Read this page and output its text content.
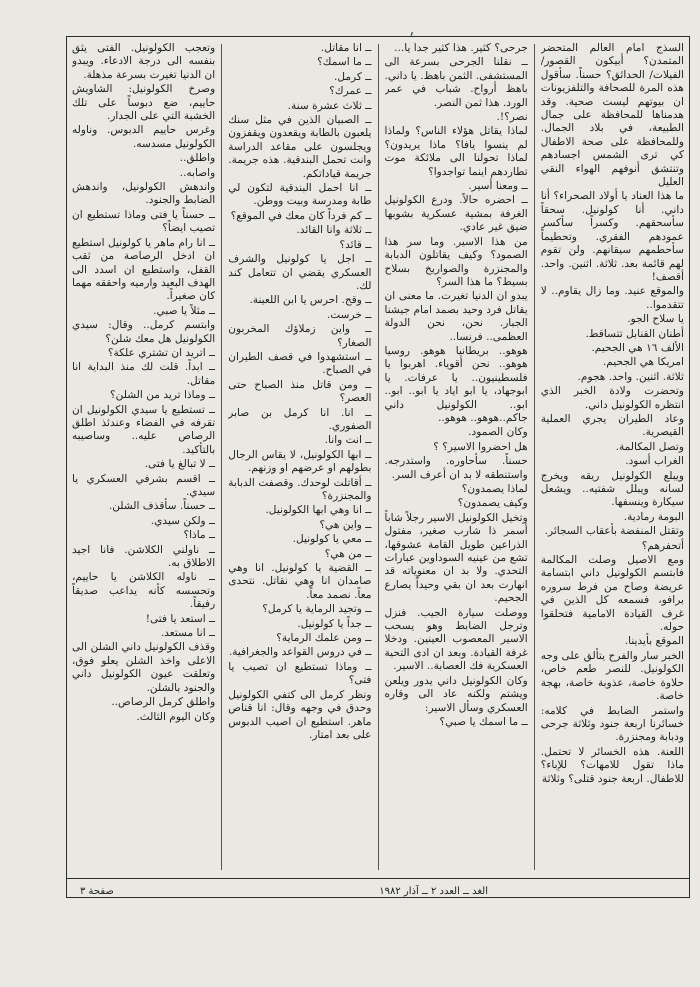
٤

السذج امام العالم المتحضر المتمدن؟ أبيكون القصور/ الفيلات/ الحدائق؟ حسناً. سأقول هذه المرة للصحافة والتلفزيونات ان بيوتهم ليست صحية. وقد هدمناها للمحافظة على جمال الطبيعة، في بلاد الجمال. وللمحافظة على صحة الاطفال كي ترى الشمس اجسادهم وتنتشق أنوفهم الهواء النقي العليل

ما هذا العناد يا أولاد الصحراء؟ أنا داني. أنا كولونيل. سحقاً سأسحقهم. وكسراً سأكسر عمودهم الفقري. وتحطيماً سأحطمهم سيقانهم. ولن تقوم لهم قائمة بعد. ثلاثة. اثنين. واحد. أقصف!

والموقع عنيد. وما زال يقاوم.. لا تتقدموا..

يا سلاح الجو.

أطنان القنابل تتساقط.

الألف ١٦ هي الجحيم.

امريكا هي الجحيم.

ثلاثة. اثنين. واحد. هجوم.

وتحضرت ولادة الخبر الذي انتظره الكولونيل داني.

وعاد الطيران يجري العملية القيصرية.

وتصل المكالمة.

الغراب أسود.

ويبلع الكولونيل ريقه ويخرج لسانه ويبلل شفتيه.. ويشعل سيكارة وينسفها.

البومة رمادية.

وتقتل المنفضة بأعقاب السجائر.

أتحفرهم؟

ومع الاصيل وصلت المكالمة فابتسم الكولونيل داني ابتسامة عريضة وصاح من فرط سروره برافو، فسمعه كل الذين في غرف القيادة الامامية فتحلقوا حوله.

الموقع بأيدينا.

الخبر سار والفرح يتألق على وجه الكولونيل. للنصر طعم خاص، حلاوة خاصة، عذوبة خاصة، بهجة خاصة.

واستمر الضابط في كلامه: خسائرنا اربعة جنود وثلاثة جرحى ودبابة ومجنزرة.

اللعنة. هذه الخسائر لا تحتمل. ماذا تقول للامهات؟ للإباء؟ للاطفال. اربعة جنود قتلى؟ وثلاثة

جرحى؟ كثير. هذا كثير جداً يا...

ــ نقلنا الجرحى بسرعة الى المستشفى. الثمن باهظ. يا داني. باهظ أرواح. شباب في عمر الورد. هذا ثمن النصر.

نصر؟!.

لماذا يقاتل هؤلاء الناس؟ ولماذا لم ينسوا يافا؟ ماذا يريدون؟ لماذا تحولنا الى ملائكة موت تطاردهم اينما تواجدوا؟

ــ ومعنا أسير.

ــ احضره حالاً. ودرع الكولونيل الغرفة بمشية عسكرية بشوبها ضيق غير عادي.

من هذا الاسير. وما سر هذا الصمود؟ وكيف يقاتلون الدبابة والمجنزرة والصواريخ بسلاح بسيط؟ ما هذا السر؟

يبدو ان الدنيا تغيرت. ما معنى ان يقاتل فرد وحيد بصمد امام جيشنا الجبار. نحن، نحن الدولة العظمى.. فرنسا..

هوهو.. بريطانيا هوهو. روسيا هوهو.. نحن أقوياء. اهربوا يا فلسطينيون.. يا عرفات. يا ابوجهاد، يا ابو اياد يا ابو.. ابو.. ابو.. الكولونيل داني جاكم..هوهو.. هوهو..

وكان الصمود.

هل احضروا الاسير؟ ؟

حسناً. سأحاوره. واستدرجه. واستنطقه لا بد ان أعرف السر.

لماذا يصمدون؟

وكيف يصمدون؟

وتخيل الكولونيل الاسير رجلاً شاباً أسمر ذا شارب صغير، مفتول الذراعين طويل القامة عشوقها، تشع من عينيه السوداوين عبارات التحدي. ولا بد ان معنوياته قد انهارت بعد ان بقي وحيداً يصارع الجحيم.

ووصلت سيارة الجيب. فنزل وترجل الضابط وهو يسحب الاسير المعصوب العينين. ودخلا غرفة القيادة. وبعد ان ادى التحية العسكرية فك العصابة.. الاسير.

وكان الكولونيل داني يدور ويلعن ويشتم ولكنه عاد الى وقاره العسكري وسأل الاسير:

ــ ما اسمك يا صبي؟

ــ انا مقاتل.

ــ ما اسمك؟

ــ كرمل.

ــ عمرك؟

ــ ثلاث عشرة سنة.

ــ الصبيان الذين في مثل سنك يلعبون بالطابة ويقعدون ويقفزون ويجلسون على مقاعد الدراسة وانت تحمل البندقية. هذه جريمة. جريمة قياداتكم.

ــ انا احمل البندقية لتكون لي طابة ومدرسة وبيت ووطن.

ــ كم فرداً كان معك في الموقع؟

ــ ثلاثة وانا القائد.

ــ قائد؟

ــ اجل يا كولونيل والشرف العسكري يقضي ان تتعامل كند لك.

ــ وقح. احرس يا ابن اللعينة.

ــ خرست.

ــ واين زملاؤك المخربون الصغار؟

ــ استشهدوا في قصف الطيران في الصباح.

ــ ومن قاتل منذ الصباح حتى العصر؟

ــ انا. انا كرمل بن صابر الصفوري.

ــ انت وانا.

ــ ابها الكولونيل، لا يقاس الرجال بطولهم او عرضهم او وزنهم.

ــ أقاتلت لوحدك. وقصفت الدبابة والمجنزرة؟

ــ انا وهي ابها الكولونيل.

ــ واين هي؟

ــ معي يا كولونيل.

ــ من هي؟

ــ القضية يا كولونيل. انا وهي صامدان انا وهي نقاتل. نتحدى معاً. نصمد معاً.

ــ وتجيد الرماية يا كرمل؟

ــ جداً يا كولونيل.

ــ ومن علمك الرماية؟

ــ في دروس القواعد والجغرافية.

ــ وماذا تستطيع ان تصيب يا فتى؟

ونظر كرمل الى كتفي الكولونيل وحدق في وجهه وقال: انا قناص ماهر. استطيع ان اصيب الدبوس على بعد امتار.

وتعجب الكولونيل. الفتى يثق بنفسه الى درجة الادعاء. ويبدو ان الدنيا تغيرت بسرعة مذهلة.

وصرخ الكولونيل: الشاويش حاييم، ضع دبوساً على تلك الخشبة التي على الجدار.

وغرس حاييم الدبوس. وناوله الكولونيل مسدسه.

واطلق..

واصابه..

واندهش الكولونيل، واندهش الضابط والجنود.

ــ حسناً يا فتى وماذا تستطيع ان تصيب ايضاً؟

ــ انا رام ماهر يا كولونيل استطيع ان ادخل الرصاصة من ثقب القفل، واستطيع ان اسدد الى الهدف البعيد وارميه واحققه مهما كان صغيراً.

ــ مثلاً يا صبي.

وابتسم كرمل.. وقال: سيدي الكولونيل هل معك شلن؟

ــ اتريد ان تشتري علكة؟

ــ ابداً. قلت لك منذ البداية انا مقاتل.

ــ وماذا تريد من الشلن؟

ــ تستطيع يا سيدي الكولونيل ان تقرفه في الفضاء وعندئذ اطلق الرصاص عليه.. وساصيبه بالتأكيد.

ــ لا تبالغ يا فتى.

ــ اقسم بشرفي العسكري يا سيدي.

ــ حسناً. سأقذف الشلن.

ــ ولكن سيدي.

ــ ماذا؟

ــ ناولني الكلاشن. فانا اجيد الاطلاق به.

ــ ناوله الكلاشن يا حاييم، وتحسسه كأنه يداعب صديقاً رفيقاً.

ــ استعد يا فتى!

ــ انا مستعد.

وقذف الكولونيل داني الشلن الى الاعلى واخذ الشلن يعلو فوق، وتعلقت عيون الكولونيل داني والجنود بالشلن.

واطلق كرمل الرصاص..

وكان اليوم الثالث.

الغد ــ العدد ٢ ــ آذار ١٩٨٢
صفحة ٣
